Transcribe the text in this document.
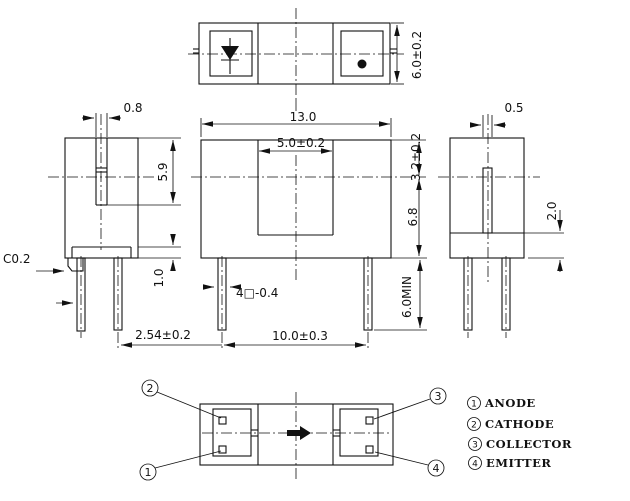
6.0±0.2
0.8
5.9
1.0
C0.2
2.54±0.2
13.0
5.0±0.2	3.2±0.2
6.8
6.0MIN
10.0±0.3
4□-0.4
0.5
2.0
2
1
3
4
1 ANODE
2 CATHODE
3 COLLECTOR
4 EMITTER
